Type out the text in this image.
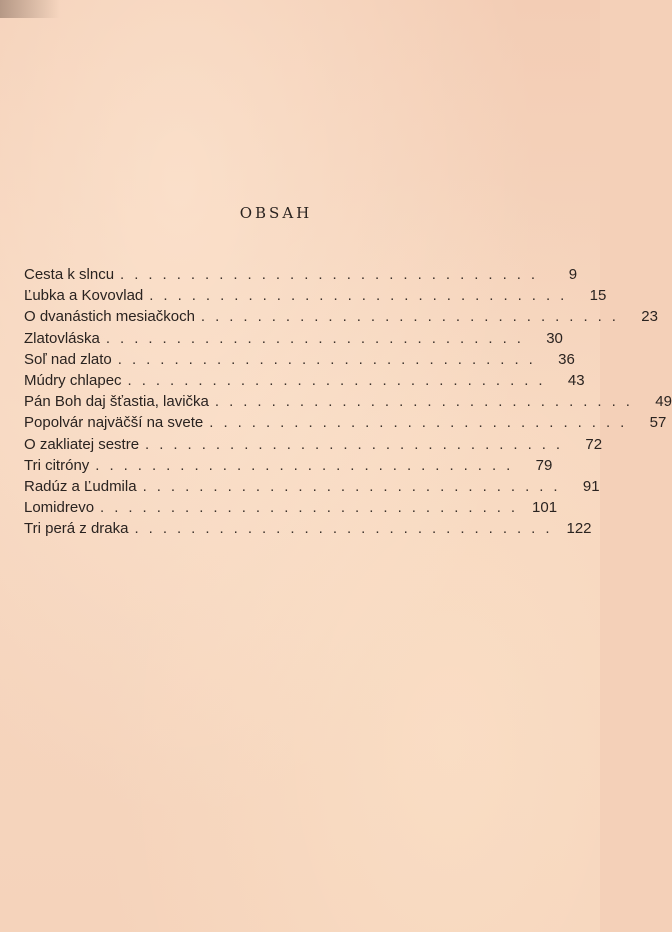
OBSAH
Cesta k slncu ..............................	9
Ľubka a Kovovlad ..............................	15
O dvanástich mesiačkoch ..............................	23
Zlatovláska ..............................	30
Soľ nad zlato ..............................	36
Múdry chlapec ..............................	43
Pán Boh daj šťastia, lavička ..............................	49
Popolvár najväčší na svete ..............................	57
O zakliatej sestre ..............................	72
Tri citróny ..............................	79
Radúz a Ľudmila ..............................	91
Lomidrevo .............................. 101
Tri perá z draka .............................. 122
